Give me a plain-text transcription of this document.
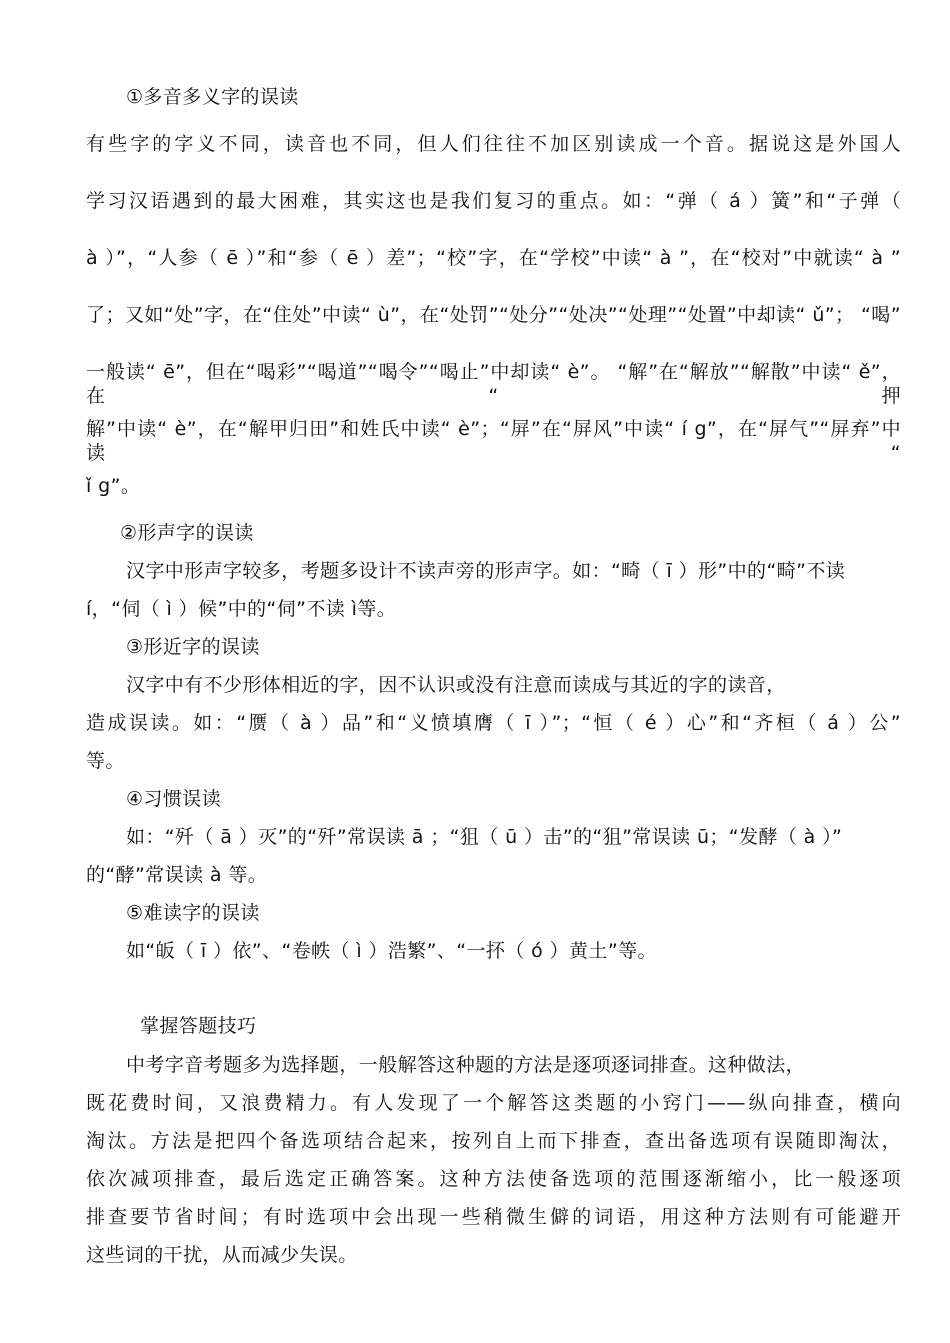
①多音多义字的误读

有些字的字义不同，读音也不同，但人们往往不加区别读成一个音。据说这是外国人

学习汉语遇到的最大困难，其实这也是我们复习的重点。如：“弹（ á ）簧”和“子弹（

à ）”，“人参（ ē ）”和“参（ ē ）差”；“校”字，在“学校”中读“ à ”，在“校对”中就读“ à ”

了；又如“处”字，在“住处”中读“ ù”，在“处罚”“处分”“处决”“处理”“处置”中却读“ ǔ”； “喝”

一般读“ ē”，但在“喝彩”“喝道”“喝令”“喝止”中却读“ è”。 “解”在“解放”“解散”中读“ ě”，在“押

解”中读“ è”，在“解甲归田”和姓氏中读“ è”；“屏”在“屏风”中读“ í g”，在“屏气”“屏弃”中读“

ǐ g”。

②形声字的误读

汉字中形声字较多，考题多设计不读声旁的形声字。如：“畸（ ī ）形”中的“畸”不读

í，“伺（ ì ）候”中的“伺”不读 ì等。

③形近字的误读

汉字中有不少形体相近的字，因不认识或没有注意而读成与其近的字的读音，

造成误读。如：“赝（ à ）品”和“义愤填膺（ ī ）”；“恒（ é ）心”和“齐桓（ á ）公”

等。

④习惯误读

如：“歼（ ā ）灭”的“歼”常误读 ā ；“狙（ ū ）击”的“狙”常误读 ū；“发酵（ à ）”

的“酵”常误读 à 等。

⑤难读字的误读

如“皈（ ī ）依”、“卷帙（ ì ）浩繁”、“一抔（ ó ）黄土”等。

掌握答题技巧

中考字音考题多为选择题，一般解答这种题的方法是逐项逐词排查。这种做法，

既花费时间，又浪费精力。有人发现了一个解答这类题的小窍门——纵向排查，横向

淘汰。方法是把四个备选项结合起来，按列自上而下排查，查出备选项有误随即淘汰，

依次减项排查，最后选定正确答案。这种方法使备选项的范围逐渐缩小，比一般逐项

排查要节省时间；有时选项中会出现一些稍微生僻的词语，用这种方法则有可能避开

这些词的干扰，从而减少失误。
